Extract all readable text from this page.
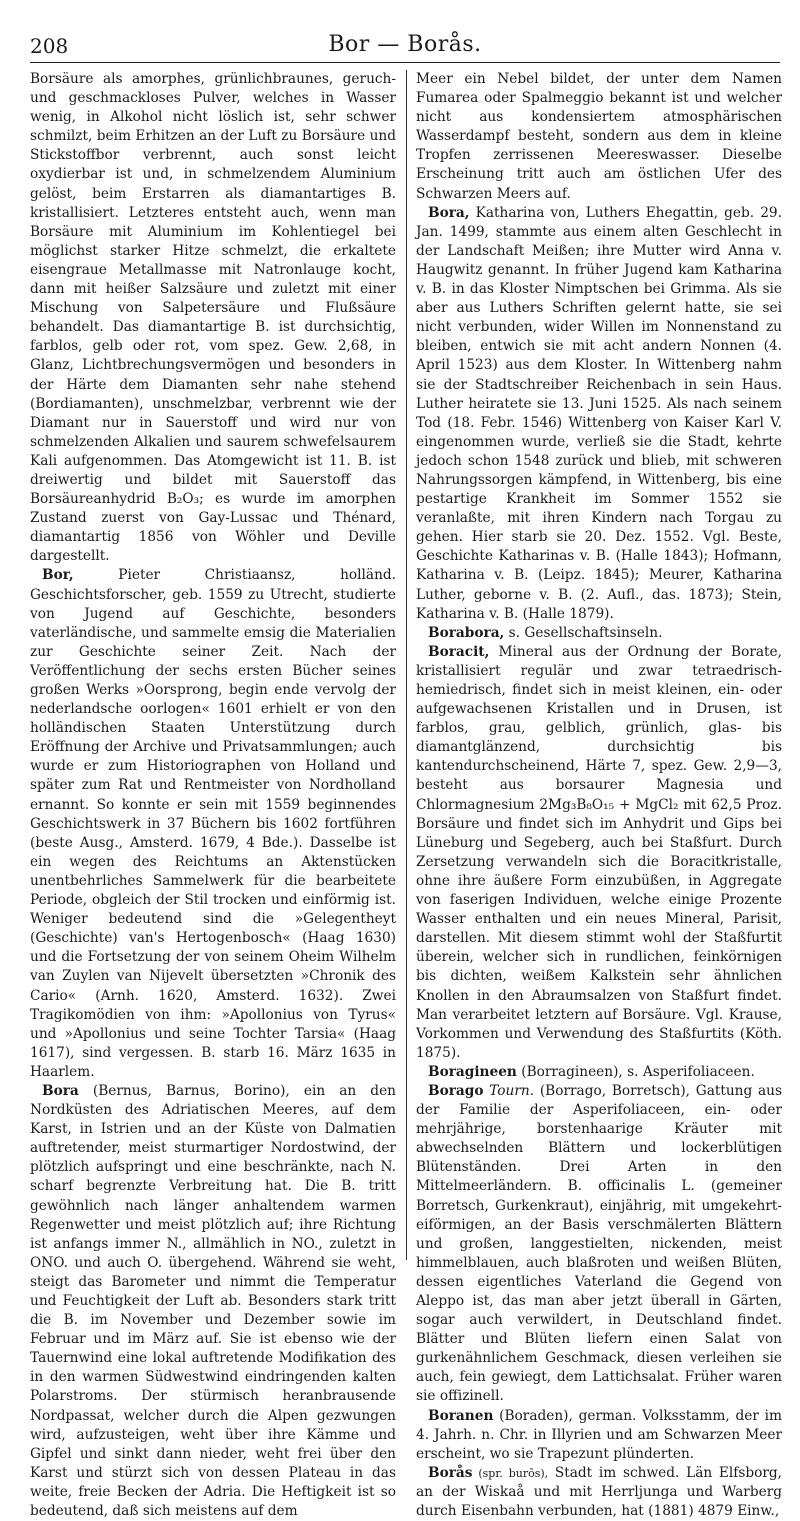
208	Bor — Borås.

Borsäure als amorphes, grünlichbraunes, geruch- und geschmackloses Pulver, welches in Wasser wenig, in Alkohol nicht löslich ist, sehr schwer schmilzt, beim Erhitzen an der Luft zu Borsäure und Stickstoffbor verbrennt, auch sonst leicht oxydierbar ist und, in schmelzendem Aluminium gelöst, beim Erstarren als diamantartiges B. kristallisiert. Letzteres entsteht auch, wenn man Borsäure mit Aluminium im Kohlentiegel bei möglichst starker Hitze schmelzt, die erkaltete eisengraue Metallmasse mit Natronlauge kocht, dann mit heißer Salzsäure und zuletzt mit einer Mischung von Salpetersäure und Flußsäure behandelt. Das diamantartige B. ist durchsichtig, farblos, gelb oder rot, vom spez. Gew. 2,68, in Glanz, Lichtbrechungsvermögen und besonders in der Härte dem Diamanten sehr nahe stehend (Bordiamanten), unschmelzbar, verbrennt wie der Diamant nur in Sauerstoff und wird nur von schmelzenden Alkalien und saurem schwefelsaurem Kali aufgenommen. Das Atomgewicht ist 11. B. ist dreiwertig und bildet mit Sauerstoff das Borsäureanhydrid B₂O₃; es wurde im amorphen Zustand zuerst von Gay-Lussac und Thénard, diamantartig 1856 von Wöhler und Deville dargestellt.

Bor, Pieter Christiaansz, holländ. Geschichtsforscher, geb. 1559 zu Utrecht, studierte von Jugend auf Geschichte, besonders vaterländische, und sammelte emsig die Materialien zur Geschichte seiner Zeit. Nach der Veröffentlichung der sechs ersten Bücher seines großen Werks »Oorsprong, begin ende vervolg der nederlandsche oorlogen« 1601 erhielt er von den holländischen Staaten Unterstützung durch Eröffnung der Archive und Privatsammlungen; auch wurde er zum Historiographen von Holland und später zum Rat und Rentmeister von Nordholland ernannt. So konnte er sein mit 1559 beginnendes Geschichtswerk in 37 Büchern bis 1602 fortführen (beste Ausg., Amsterd. 1679, 4 Bde.). Dasselbe ist ein wegen des Reichtums an Aktenstücken unentbehrliches Sammelwerk für die bearbeitete Periode, obgleich der Stil trocken und einförmig ist. Weniger bedeutend sind die »Gelegentheyt (Geschichte) van's Hertogenbosch« (Haag 1630) und die Fortsetzung der von seinem Oheim Wilhelm van Zuylen van Nijevelt übersetzten »Chronik des Cario« (Arnh. 1620, Amsterd. 1632). Zwei Tragikomödien von ihm: »Apollonius von Tyrus« und »Apollonius und seine Tochter Tarsia« (Haag 1617), sind vergessen. B. starb 16. März 1635 in Haarlem.

Bora (Bernus, Barnus, Borino), ein an den Nordküsten des Adriatischen Meeres, auf dem Karst, in Istrien und an der Küste von Dalmatien auftretender, meist sturmartiger Nordostwind, der plötzlich aufspringt und eine beschränkte, nach N. scharf begrenzte Verbreitung hat. Die B. tritt gewöhnlich nach länger anhaltendem warmen Regenwetter und meist plötzlich auf; ihre Richtung ist anfangs immer N., allmählich in NO., zuletzt in ONO. und auch O. übergehend. Während sie weht, steigt das Barometer und nimmt die Temperatur und Feuchtigkeit der Luft ab. Besonders stark tritt die B. im November und Dezember sowie im Februar und im März auf. Sie ist ebenso wie der Tauernwind eine lokal auftretende Modifikation des in den warmen Südwestwind eindringenden kalten Polarstroms. Der stürmisch heranbrausende Nordpassat, welcher durch die Alpen gezwungen wird, aufzusteigen, weht über ihre Kämme und Gipfel und sinkt dann nieder, weht frei über den Karst und stürzt sich von dessen Plateau in das weite, freie Becken der Adria. Die Heftigkeit ist so bedeutend, daß sich meistens auf dem

Meer ein Nebel bildet, der unter dem Namen Fumarea oder Spalmeggio bekannt ist und welcher nicht aus kondensiertem atmosphärischen Wasserdampf besteht, sondern aus dem in kleine Tropfen zerrissenen Meereswasser. Dieselbe Erscheinung tritt auch am östlichen Ufer des Schwarzen Meers auf.

Bora, Katharina von, Luthers Ehegattin, geb. 29. Jan. 1499, stammte aus einem alten Geschlecht in der Landschaft Meißen; ihre Mutter wird Anna v. Haugwitz genannt. In früher Jugend kam Katharina v. B. in das Kloster Nimptschen bei Grimma. Als sie aber aus Luthers Schriften gelernt hatte, sie sei nicht verbunden, wider Willen im Nonnenstand zu bleiben, entwich sie mit acht andern Nonnen (4. April 1523) aus dem Kloster. In Wittenberg nahm sie der Stadtschreiber Reichenbach in sein Haus. Luther heiratete sie 13. Juni 1525. Als nach seinem Tod (18. Febr. 1546) Wittenberg von Kaiser Karl V. eingenommen wurde, verließ sie die Stadt, kehrte jedoch schon 1548 zurück und blieb, mit schweren Nahrungssorgen kämpfend, in Wittenberg, bis eine pestartige Krankheit im Sommer 1552 sie veranlaßte, mit ihren Kindern nach Torgau zu gehen. Hier starb sie 20. Dez. 1552. Vgl. Beste, Geschichte Katharinas v. B. (Halle 1843); Hofmann, Katharina v. B. (Leipz. 1845); Meurer, Katharina Luther, geborne v. B. (2. Aufl., das. 1873); Stein, Katharina v. B. (Halle 1879).

Borabora, s. Gesellschaftsinseln.

Boracit, Mineral aus der Ordnung der Borate, kristallisiert regulär und zwar tetraedrisch-hemiedrisch, findet sich in meist kleinen, ein- oder aufgewachsenen Kristallen und in Drusen, ist farblos, grau, gelblich, grünlich, glas- bis diamantglänzend, durchsichtig bis kantendurchscheinend, Härte 7, spez. Gew. 2,9—3, besteht aus borsaurer Magnesia und Chlormagnesium 2Mg₃B₈O₁₅ + MgCl₂ mit 62,5 Proz. Borsäure und findet sich im Anhydrit und Gips bei Lüneburg und Segeberg, auch bei Staßfurt. Durch Zersetzung verwandeln sich die Boracitkristalle, ohne ihre äußere Form einzubüßen, in Aggregate von faserigen Individuen, welche einige Prozente Wasser enthalten und ein neues Mineral, Parisit, darstellen. Mit diesem stimmt wohl der Staßfurtit überein, welcher sich in rundlichen, feinkörnigen bis dichten, weißem Kalkstein sehr ähnlichen Knollen in den Abraumsalzen von Staßfurt findet. Man verarbeitet letztern auf Borsäure. Vgl. Krause, Vorkommen und Verwendung des Staßfurtits (Köth. 1875).

Boragineen (Borragineen), s. Asperifoliaceen.

Borago Tourn. (Borrago, Borretsch), Gattung aus der Familie der Asperifoliaceen, ein- oder mehrjährige, borstenhaarige Kräuter mit abwechselnden Blättern und lockerblütigen Blütenständen. Drei Arten in den Mittelmeerländern. B. officinalis L. (gemeiner Borretsch, Gurkenkraut), einjährig, mit umgekehrt-eiförmigen, an der Basis verschmälerten Blättern und großen, langgestielten, nickenden, meist himmelblauen, auch blaßroten und weißen Blüten, dessen eigentliches Vaterland die Gegend von Aleppo ist, das man aber jetzt überall in Gärten, sogar auch verwildert, in Deutschland findet. Blätter und Blüten liefern einen Salat von gurkenähnlichem Geschmack, diesen verleihen sie auch, fein gewiegt, dem Lattichsalat. Früher waren sie offizinell.

Boranen (Boraden), german. Volksstamm, der im 4. Jahrh. n. Chr. in Illyrien und am Schwarzen Meer erscheint, wo sie Trapezunt plünderten.

Borås (spr. burōs), Stadt im schwed. Län Elfsborg, an der Wiskaå und mit Herrljunga und Warberg durch Eisenbahn verbunden, hat (1881) 4879 Einw.,
